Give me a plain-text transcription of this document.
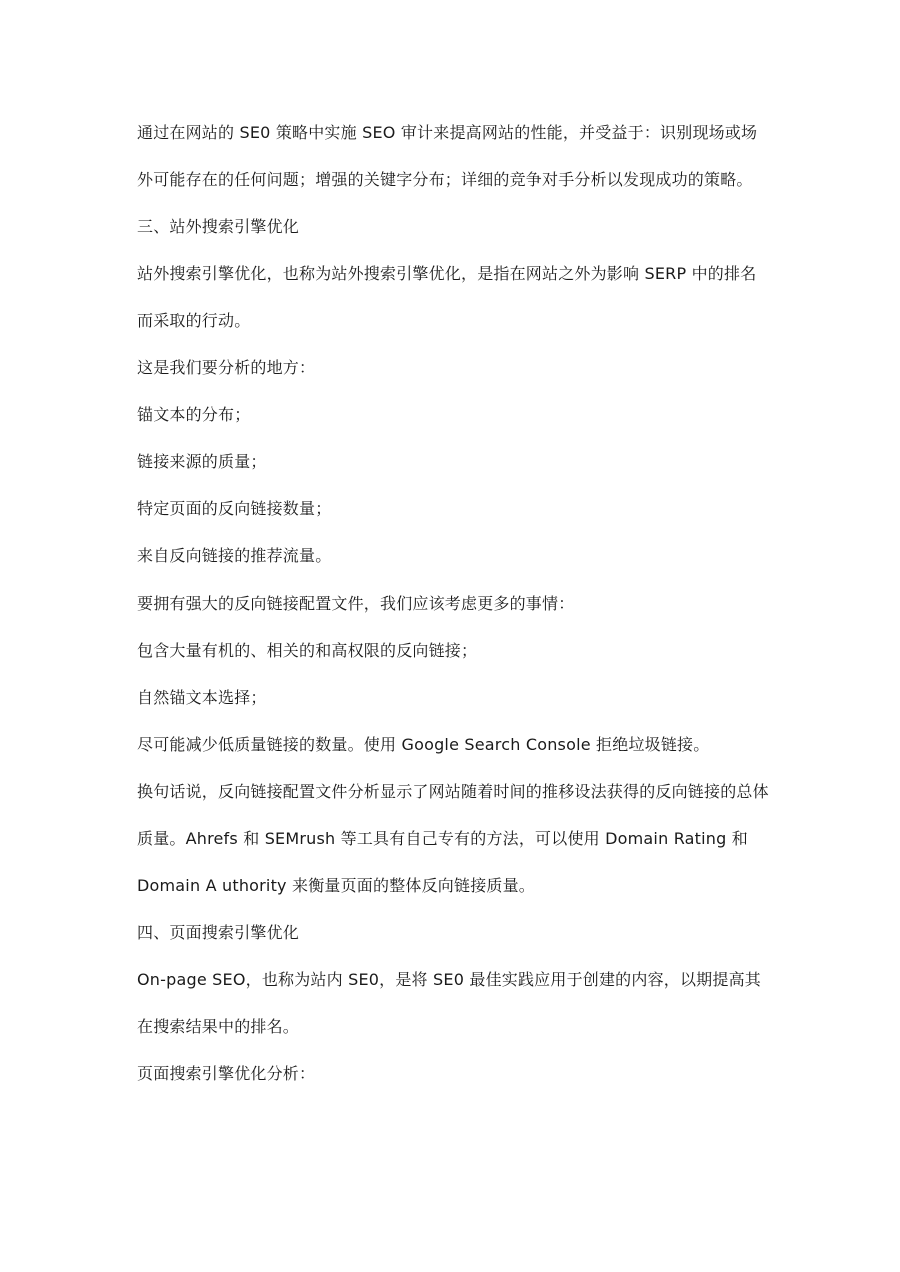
通过在网站的 SE0 策略中实施 SEO 审计来提高网站的性能，并受益于：识别现场或场
外可能存在的任何问题；增强的关键字分布；详细的竞争对手分析以发现成功的策略。
三、站外搜索引擎优化
站外搜索引擎优化，也称为站外搜索引擎优化，是指在网站之外为影响 SERP 中的排名
而采取的行动。
这是我们要分析的地方：
锚文本的分布；
链接来源的质量；
特定页面的反向链接数量；
来自反向链接的推荐流量。
要拥有强大的反向链接配置文件，我们应该考虑更多的事情：
包含大量有机的、相关的和高权限的反向链接；
自然锚文本选择；
尽可能减少低质量链接的数量。使用 Google Search Console 拒绝垃圾链接。
换句话说，反向链接配置文件分析显示了网站随着时间的推移设法获得的反向链接的总体
质量。Ahrefs 和 SEMrush 等工具有自己专有的方法，可以使用 Domain Rating 和
Domain A uthority 来衡量页面的整体反向链接质量。
四、页面搜索引擎优化
On-page SEO，也称为站内 SE0，是将 SE0 最佳实践应用于创建的内容，以期提高其
在搜索结果中的排名。
页面搜索引擎优化分析：
